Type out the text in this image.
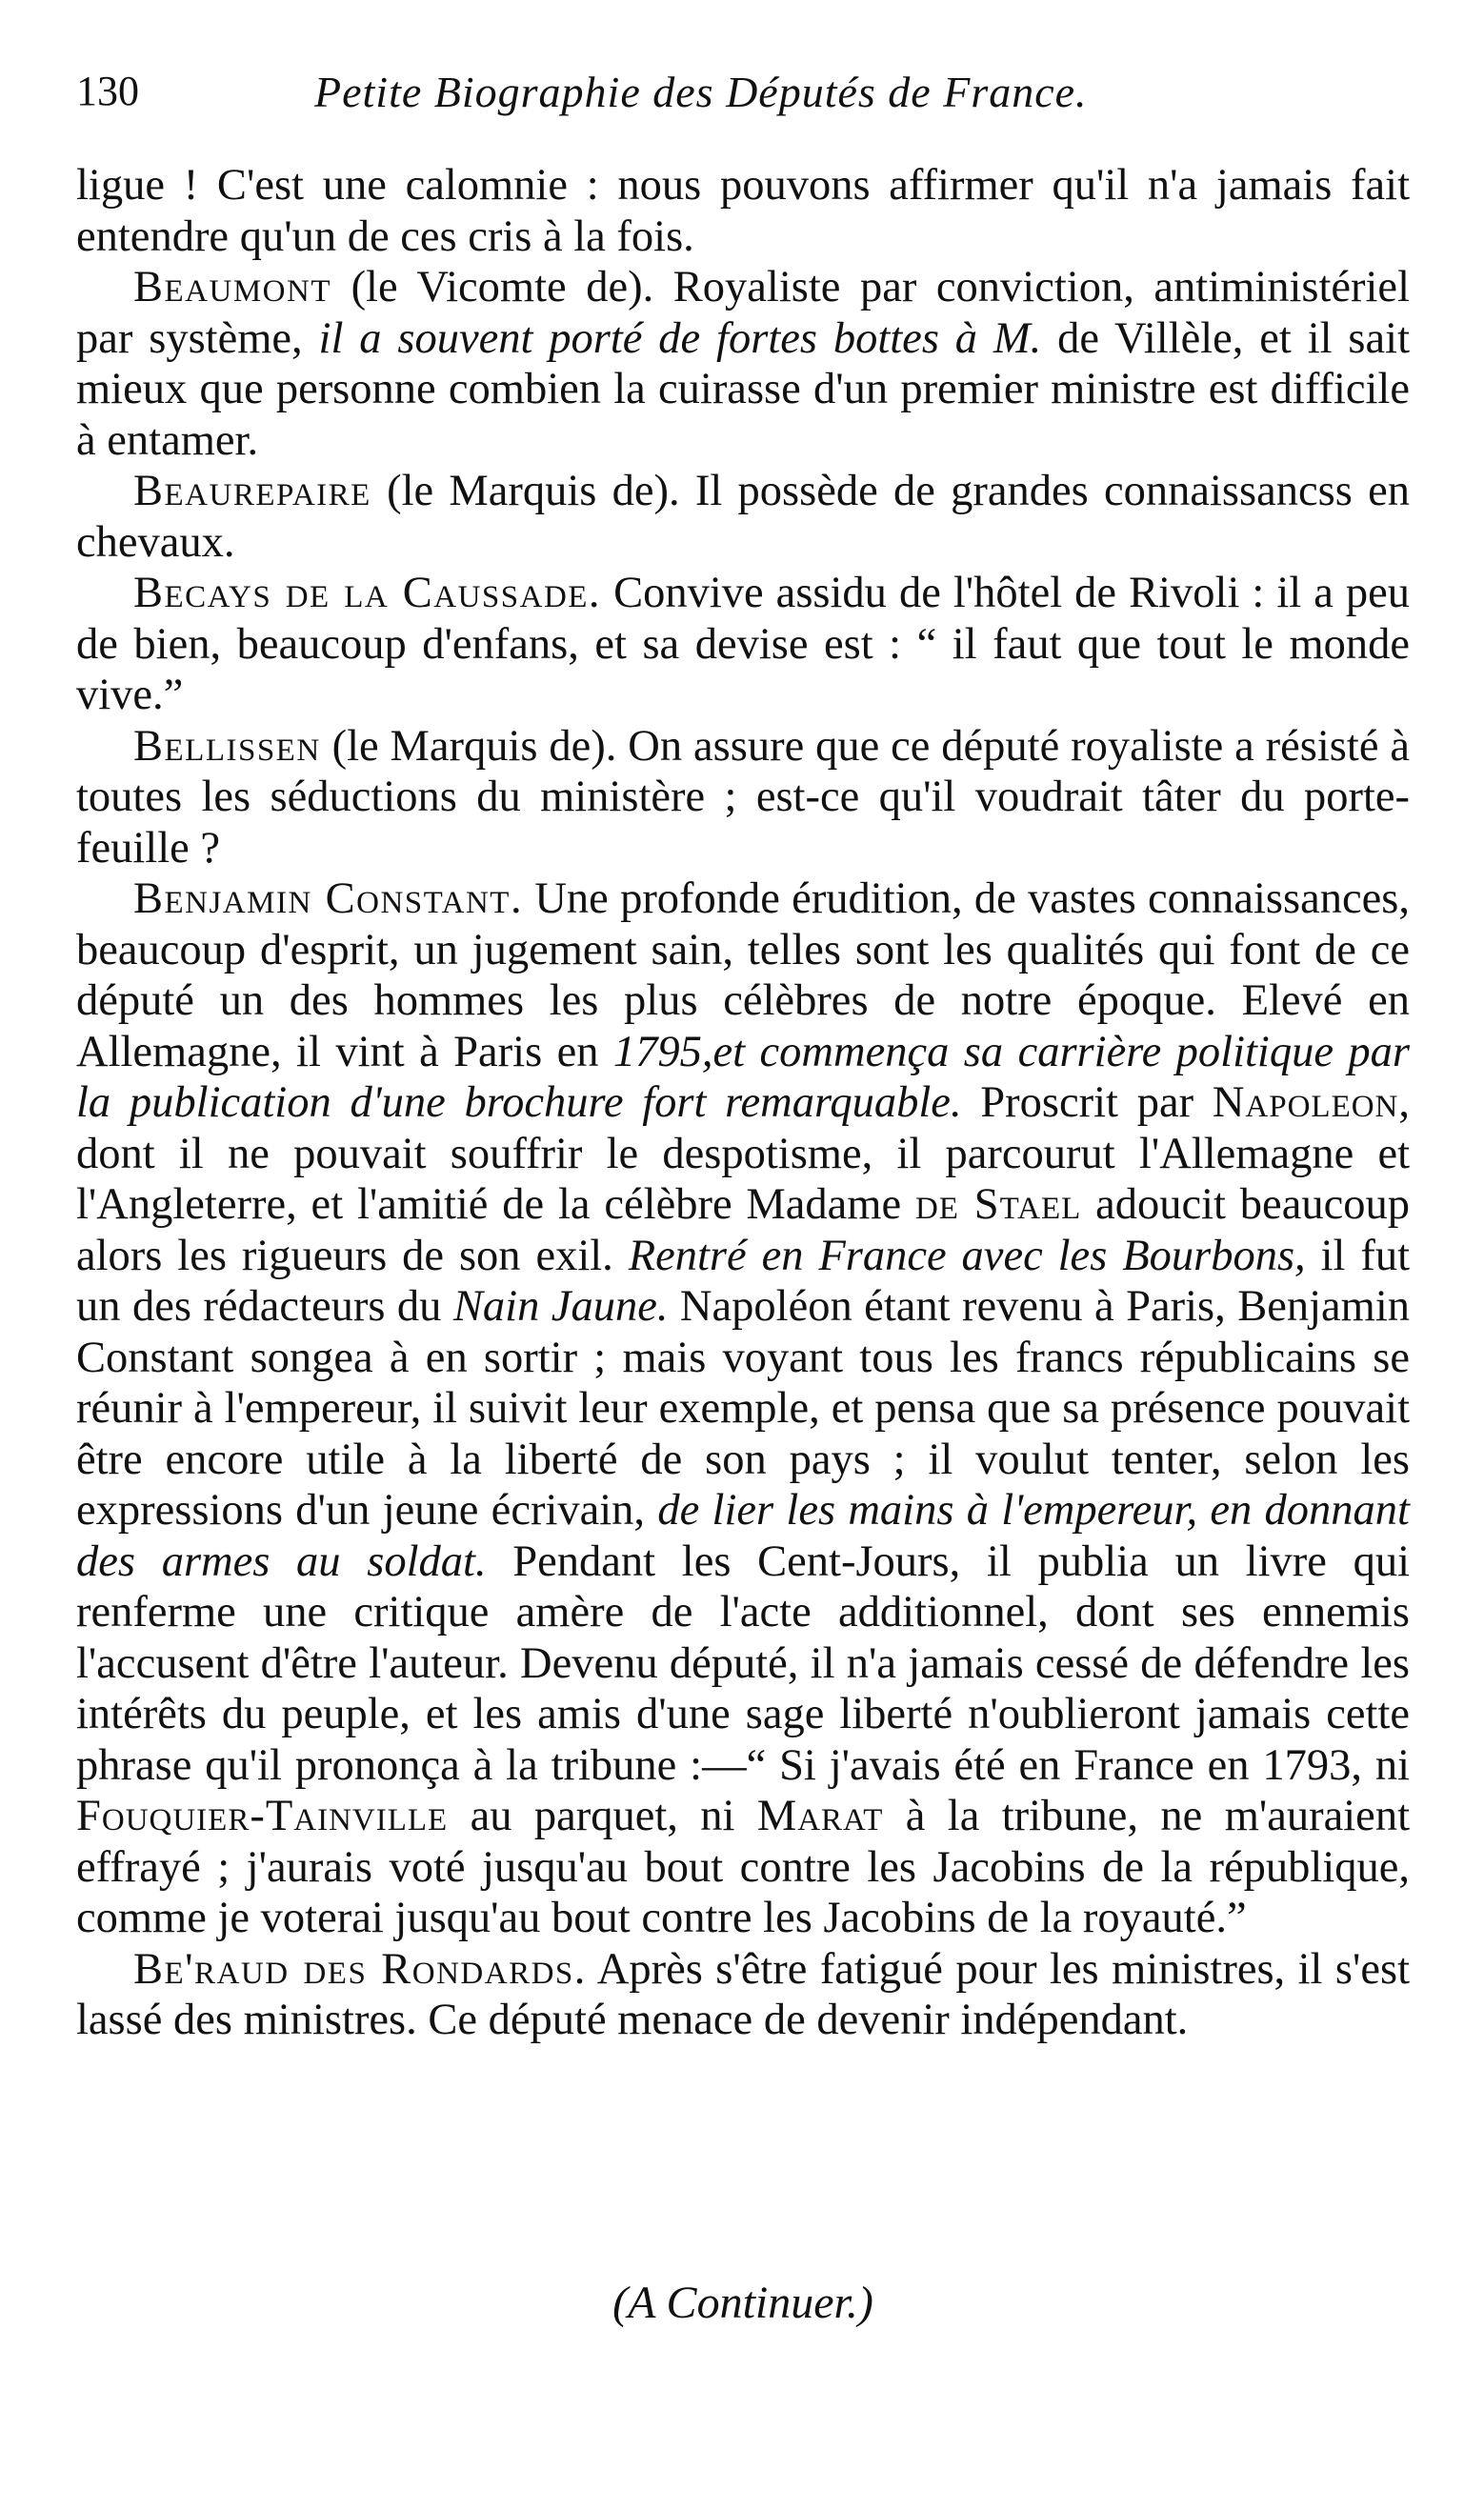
130	Petite Biographie des Députés de France.

ligue ! C'est une calomnie : nous pouvons affirmer qu'il n'a jamais fait entendre qu'un de ces cris à la fois.

Beaumont (le Vicomte de). Royaliste par conviction, antiministériel par système, il a souvent porté de fortes bottes à M. de Villèle, et il sait mieux que personne combien la cuirasse d'un premier ministre est difficile à entamer.

Beaurepaire (le Marquis de). Il possède de grandes connaissancss en chevaux.

Becays de la Caussade. Convive assidu de l'hôtel de Rivoli : il a peu de bien, beaucoup d'enfans, et sa devise est : “ il faut que tout le monde vive.”

Bellissen (le Marquis de). On assure que ce député royaliste a résisté à toutes les séductions du ministère ; est-ce qu'il voudrait tâter du porte-feuille ?

Benjamin Constant. Une profonde érudition, de vastes connaissances, beaucoup d'esprit, un jugement sain, telles sont les qualités qui font de ce député un des hommes les plus célèbres de notre époque. Elevé en Allemagne, il vint à Paris en 1795,et commença sa carrière politique par la publication d'une brochure fort remarquable. Proscrit par Napoleon, dont il ne pouvait souffrir le despotisme, il parcourut l'Allemagne et l'Angleterre, et l'amitié de la célèbre Madame de Stael adoucit beaucoup alors les rigueurs de son exil. Rentré en France avec les Bourbons, il fut un des rédacteurs du Nain Jaune. Napoléon étant revenu à Paris, Benjamin Constant songea à en sortir ; mais voyant tous les francs républicains se réunir à l'empereur, il suivit leur exemple, et pensa que sa présence pouvait être encore utile à la liberté de son pays ; il voulut tenter, selon les expressions d'un jeune écrivain, de lier les mains à l'empereur, en donnant des armes au soldat. Pendant les Cent-Jours, il publia un livre qui renferme une critique amère de l'acte additionnel, dont ses ennemis l'accusent d'être l'auteur. Devenu député, il n'a jamais cessé de défendre les intérêts du peuple, et les amis d'une sage liberté n'oublieront jamais cette phrase qu'il prononça à la tribune :—“ Si j'avais été en France en 1793, ni Fouquier-Tainville au parquet, ni Marat à la tribune, ne m'auraient effrayé ; j'aurais voté jusqu'au bout contre les Jacobins de la république, comme je voterai jusqu'au bout contre les Jacobins de la royauté.”

Be'raud des Rondards. Après s'être fatigué pour les ministres, il s'est lassé des ministres. Ce député menace de devenir indépendant.

(A Continuer.)
